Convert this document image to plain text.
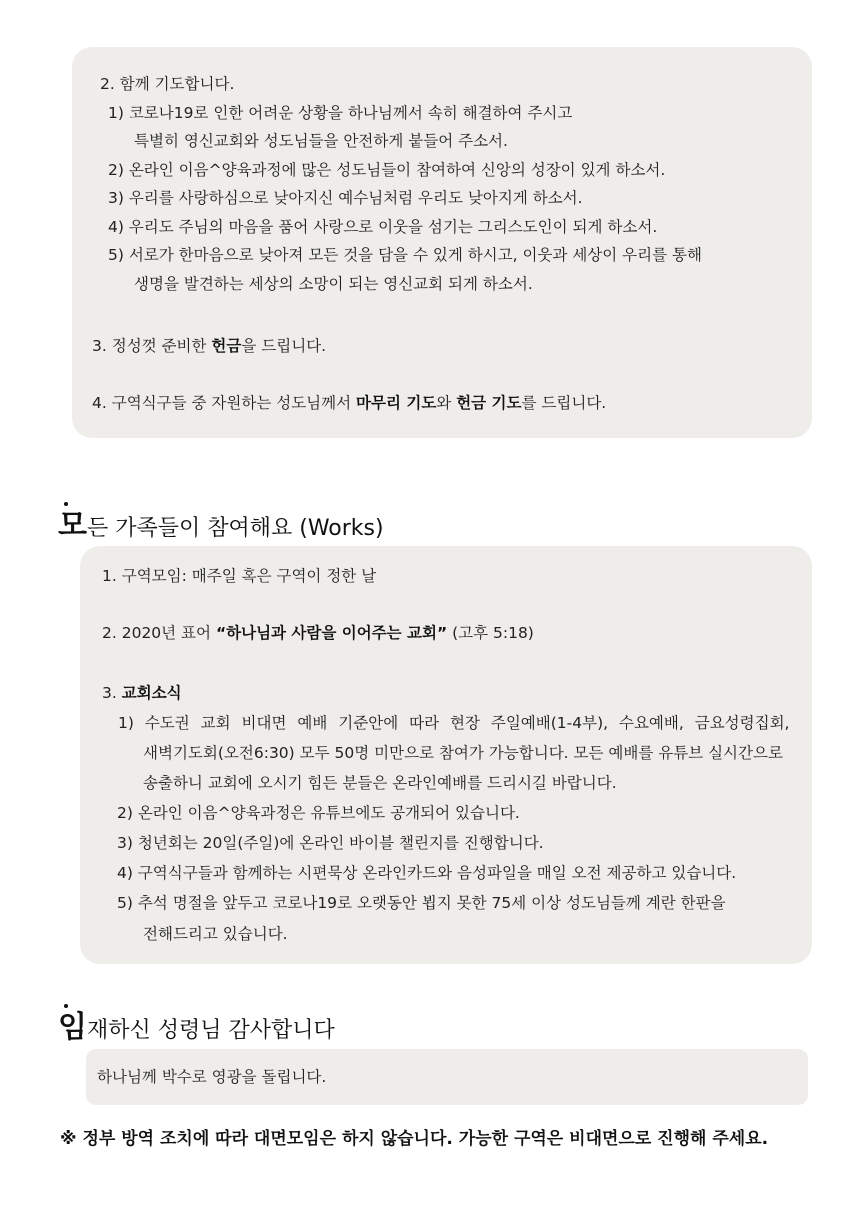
2. 함께 기도합니다.
1) 코로나19로 인한 어려운 상황을 하나님께서 속히 해결하여 주시고
특별히 영신교회와 성도님들을 안전하게 붙들어 주소서.
2) 온라인 이음^양육과정에 많은 성도님들이 참여하여 신앙의 성장이 있게 하소서.
3) 우리를 사랑하심으로 낮아지신 예수님처럼 우리도 낮아지게 하소서.
4) 우리도 주님의 마음을 품어 사랑으로 이웃을 섬기는 그리스도인이 되게 하소서.
5) 서로가 한마음으로 낮아져 모든 것을 담을 수 있게 하시고, 이웃과 세상이 우리를 통해
생명을 발견하는 세상의 소망이 되는 영신교회 되게 하소서.
3. 정성껏 준비한 헌금을 드립니다.
4. 구역식구들 중 자원하는 성도님께서 마무리 기도와 헌금 기도를 드립니다.
모든 가족들이 참여해요 (Works)
1. 구역모임: 매주일 혹은 구역이 정한 날
2. 2020년 표어 “하나님과 사람을 이어주는 교회” (고후 5:18)
3. 교회소식
1) 수도권 교회 비대면 예배 기준안에 따라 현장 주일예배(1-4부), 수요예배, 금요성령집회,
새벽기도회(오전6:30) 모두 50명 미만으로 참여가 가능합니다. 모든 예배를 유튜브 실시간으로
송출하니 교회에 오시기 힘든 분들은 온라인예배를 드리시길 바랍니다.
2) 온라인 이음^양육과정은 유튜브에도 공개되어 있습니다.
3) 청년회는 20일(주일)에 온라인 바이블 챌린지를 진행합니다.
4) 구역식구들과 함께하는 시편묵상 온라인카드와 음성파일을 매일 오전 제공하고 있습니다.
5) 추석 명절을 앞두고 코로나19로 오랫동안 뵙지 못한 75세 이상 성도님들께 계란 한판을
전해드리고 있습니다.
임재하신 성령님 감사합니다
하나님께 박수로 영광을 돌립니다.
※ 정부 방역 조치에 따라 대면모임은 하지 않습니다. 가능한 구역은 비대면으로 진행해 주세요.
